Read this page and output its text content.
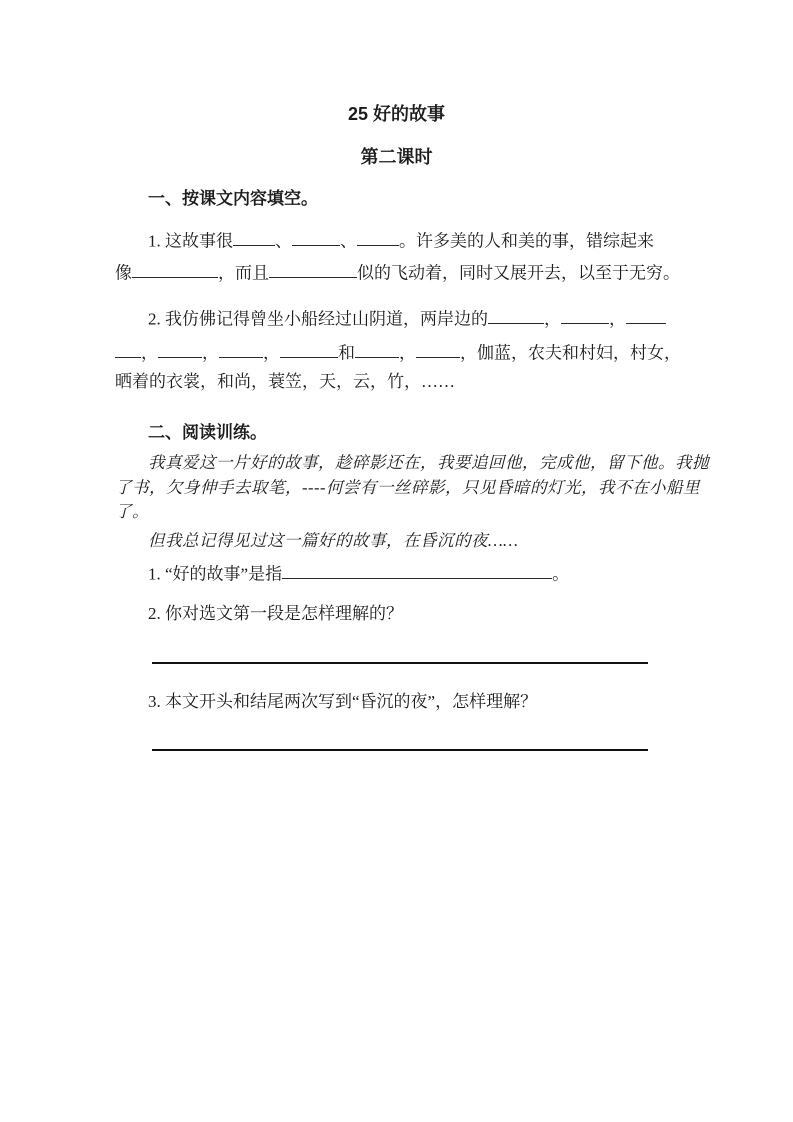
25 好的故事
第二课时
一、按课文内容填空。
1. 这故事很 、	、 。许多美的人和美的事，错综起来
像	，而且	似的飞动着，同时又展开去，以至于无穷。
2. 我仿佛记得曾坐小船经过山阴道，两岸边的	，	，
，	，	，	和	，	，伽蓝，农夫和村妇，村女，
晒着的衣裳，和尚，蓑笠，天，云，竹，……
二、阅读训练。
我真爱这一片好的故事，趁碎影还在，我要追回他，完成他，留下他。我抛
了书，欠身伸手去取笔，----何尝有一丝碎影，只见昏暗的灯光，我不在小船里
了。
但我总记得见过这一篇好的故事，在昏沉的夜……
1. “好的故事”是指	。
2. 你对选文第一段是怎样理解的？
3. 本文开头和结尾两次写到“昏沉的夜”，怎样理解？
